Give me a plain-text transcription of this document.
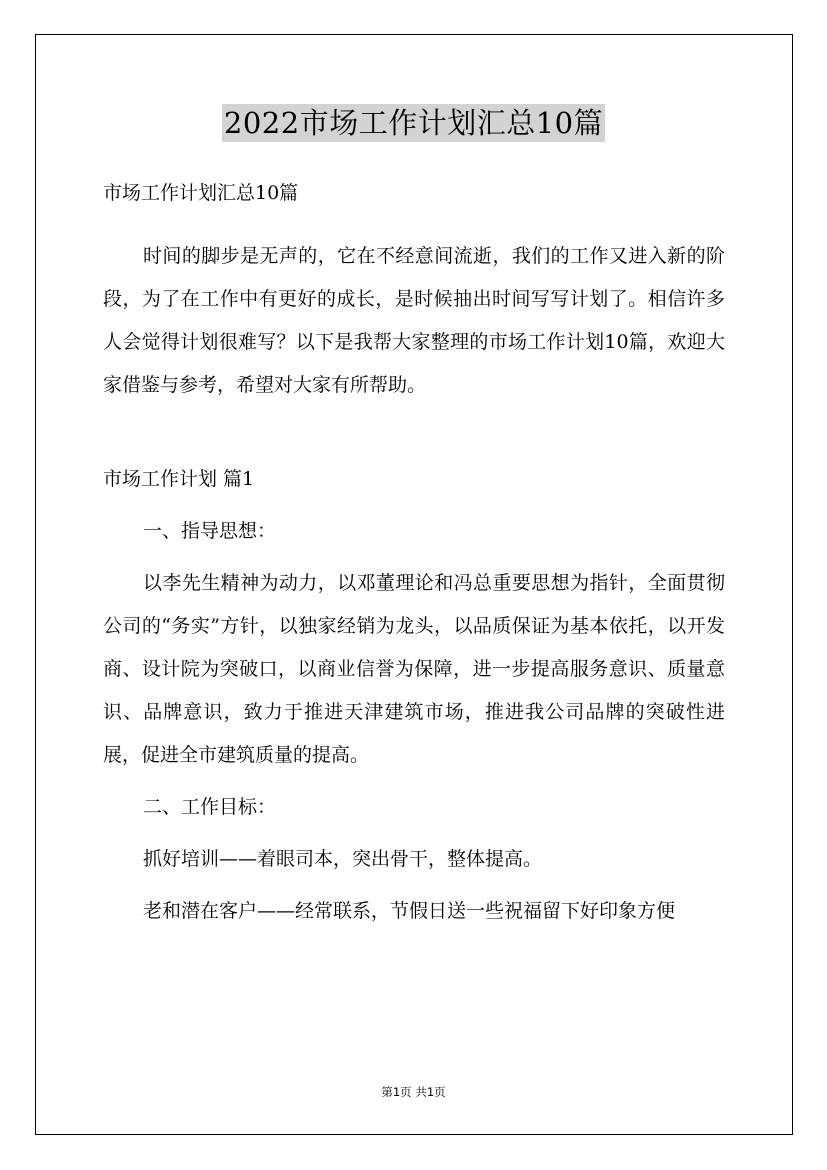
2022市场工作计划汇总10篇

市场工作计划汇总10篇

时间的脚步是无声的，它在不经意间流逝，我们的工作又进入新的阶段，为了在工作中有更好的成长，是时候抽出时间写写计划了。相信许多人会觉得计划很难写？以下是我帮大家整理的市场工作计划10篇，欢迎大家借鉴与参考，希望对大家有所帮助。

市场工作计划 篇1

一、指导思想：

以李先生精神为动力，以邓董理论和冯总重要思想为指针，全面贯彻公司的“务实”方针，以独家经销为龙头，以品质保证为基本依托，以开发商、设计院为突破口，以商业信誉为保障，进一步提高服务意识、质量意识、品牌意识，致力于推进天津建筑市场，推进我公司品牌的突破性进展，促进全市建筑质量的提高。

二、工作目标：

抓好培训——着眼司本，突出骨干，整体提高。

老和潜在客户——经常联系，节假日送一些祝福留下好印象方便

第1页 共1页
